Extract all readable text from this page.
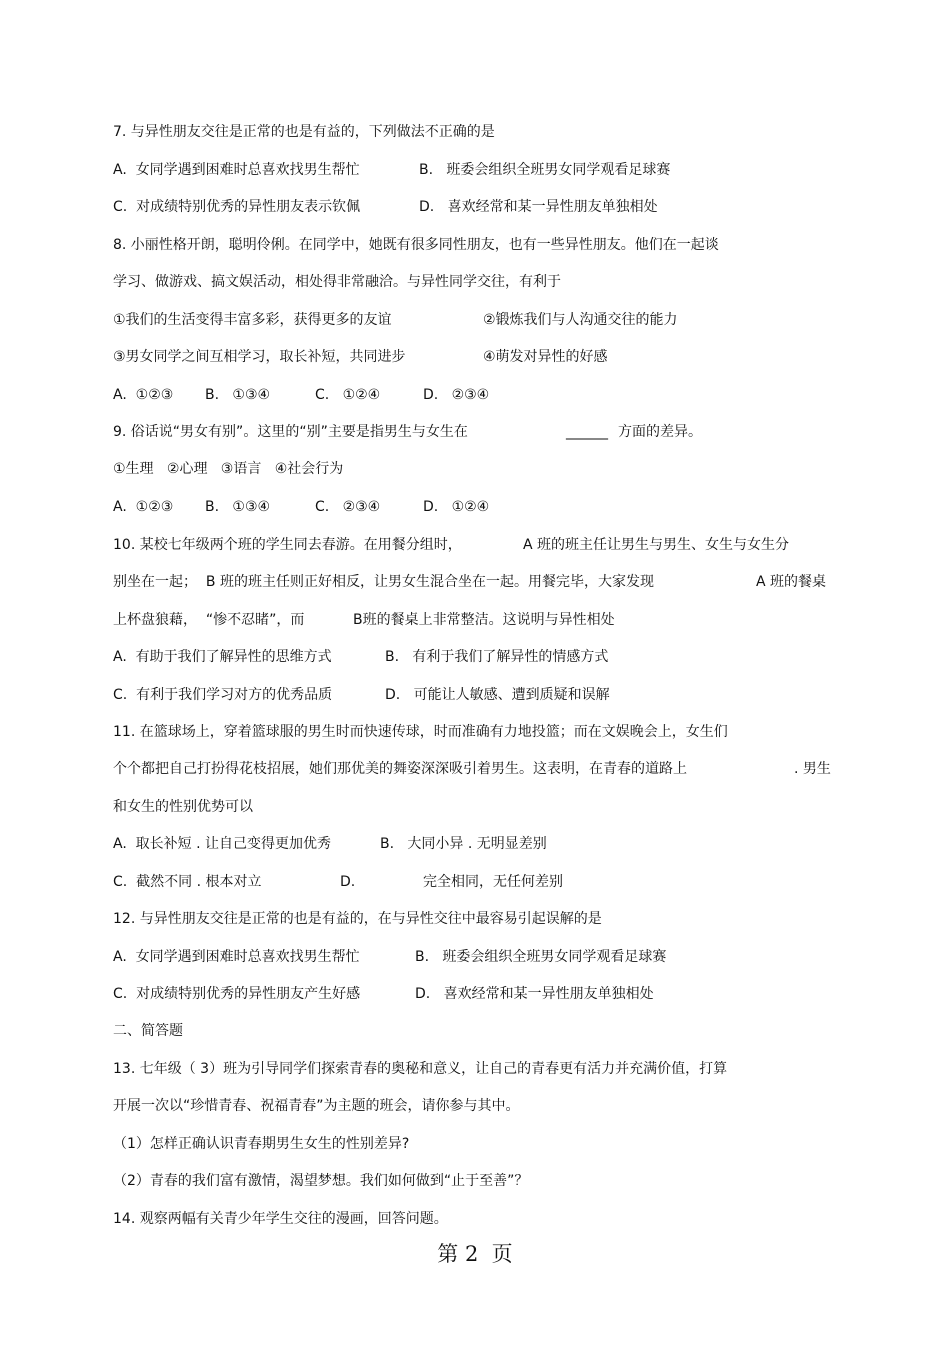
7. 与异性朋友交往是正常的也是有益的，下列做法不正确的是
A.  女同学遇到困难时总喜欢找男生帮忙	B.   班委会组织全班男女同学观看足球赛
C.  对成绩特别优秀的异性朋友表示钦佩	D.   喜欢经常和某一异性朋友单独相处
8. 小丽性格开朗，聪明伶俐。在同学中，她既有很多同性朋友，也有一些异性朋友。他们在一起谈
学习、做游戏、搞文娱活动，相处得非常融洽。与异性同学交往，有利于
①我们的生活变得丰富多彩，获得更多的友谊	②锻炼我们与人沟通交往的能力
③男女同学之间互相学习，取长补短，共同进步	④萌发对异性的好感
A.  ①②③ B.   ①③④	C.   ①②④	D.   ②③④
9. 俗话说“男女有别”。这里的“别”主要是指男生与女生在	______ 方面的差异。
①生理   ②心理   ③语言   ④社会行为
A.  ①②③ B.   ①③④	C.   ②③④	D.   ①②④
10. 某校七年级两个班的学生同去春游。在用餐分组时，	A 班的班主任让男生与男生、女生与女生分
别坐在一起；  B 班的班主任则正好相反，让男女生混合坐在一起。用餐完毕，大家发现	A 班的餐桌
上杯盘狼藉，  “惨不忍睹”，而	B班的餐桌上非常整洁。这说明与异性相处
A.  有助于我们了解异性的思维方式	B.   有利于我们了解异性的情感方式
C.  有利于我们学习对方的优秀品质	D.   可能让人敏感、遭到质疑和误解
11. 在篮球场上，穿着篮球服的男生时而快速传球，时而准确有力地投篮；而在文娱晚会上，女生们
个个都把自己打扮得花枝招展，她们那优美的舞姿深深吸引着男生。这表明，在青春的道路上	. 男生
和女生的性别优势可以
A.  取长补短 . 让自己变得更加优秀	B.   大同小异 . 无明显差别
C.  截然不同 . 根本对立	D.	完全相同，无任何差别
12. 与异性朋友交往是正常的也是有益的，在与异性交往中最容易引起误解的是
A.  女同学遇到困难时总喜欢找男生帮忙	B.   班委会组织全班男女同学观看足球赛
C.  对成绩特别优秀的异性朋友产生好感	D.   喜欢经常和某一异性朋友单独相处
二、简答题
13. 七年级（ 3）班为引导同学们探索青春的奥秘和意义，让自己的青春更有活力并充满价值，打算
开展一次以“珍惜青春、祝福青春”为主题的班会，请你参与其中。
（1）怎样正确认识青春期男生女生的性别差异?
（2）青春的我们富有激情，渴望梦想。我们如何做到“止于至善”？
14. 观察两幅有关青少年学生交往的漫画，回答问题。
第 2  页
